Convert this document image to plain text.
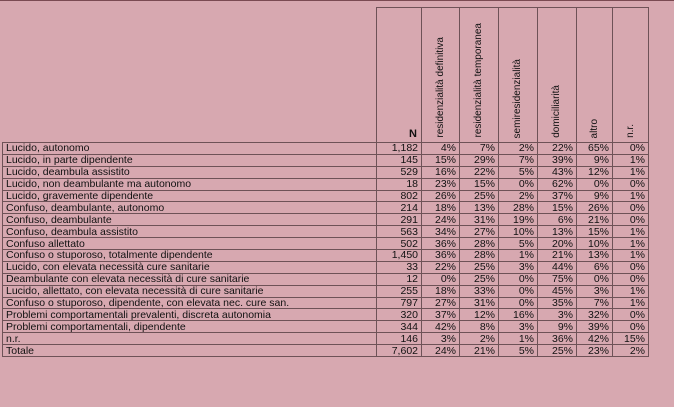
	N	residenzialità definitiva	residenzialità temporanea	semiresidenzialità	domiciliarità	altro	n.r.

Lucido, autonomo	1,182	4%	7%	2%	22%	65%	0%
Lucido, in parte dipendente	145	15%	29%	7%	39%	9%	1%
Lucido, deambula assistito	529	16%	22%	5%	43%	12%	1%
Lucido, non deambulante ma autonomo	18	23%	15%	0%	62%	0%	0%
Lucido, gravemente dipendente	802	26%	25%	2%	37%	9%	1%
Confuso, deambulante, autonomo	214	18%	13%	28%	15%	26%	0%
Confuso, deambulante	291	24%	31%	19%	6%	21%	0%
Confuso, deambula assistito	563	34%	27%	10%	13%	15%	1%
Confuso allettato	502	36%	28%	5%	20%	10%	1%
Confuso o stuporoso, totalmente dipendente	1,450	36%	28%	1%	21%	13%	1%
Lucido, con elevata necessità cure sanitarie	33	22%	25%	3%	44%	6%	0%
Deambulante con elevata necessità di cure sanitarie	12	0%	25%	0%	75%	0%	0%
Lucido, allettato, con elevata necessità di cure sanitarie	255	18%	33%	0%	45%	3%	1%
Confuso o stuporoso, dipendente, con elevata nec. cure san.	797	27%	31%	0%	35%	7%	1%
Problemi comportamentali prevalenti, discreta autonomia	320	37%	12%	16%	3%	32%	0%
Problemi comportamentali, dipendente	344	42%	8%	3%	9%	39%	0%
n.r.	146	3%	2%	1%	36%	42%	15%
Totale	7,602	24%	21%	5%	25%	23%	2%
